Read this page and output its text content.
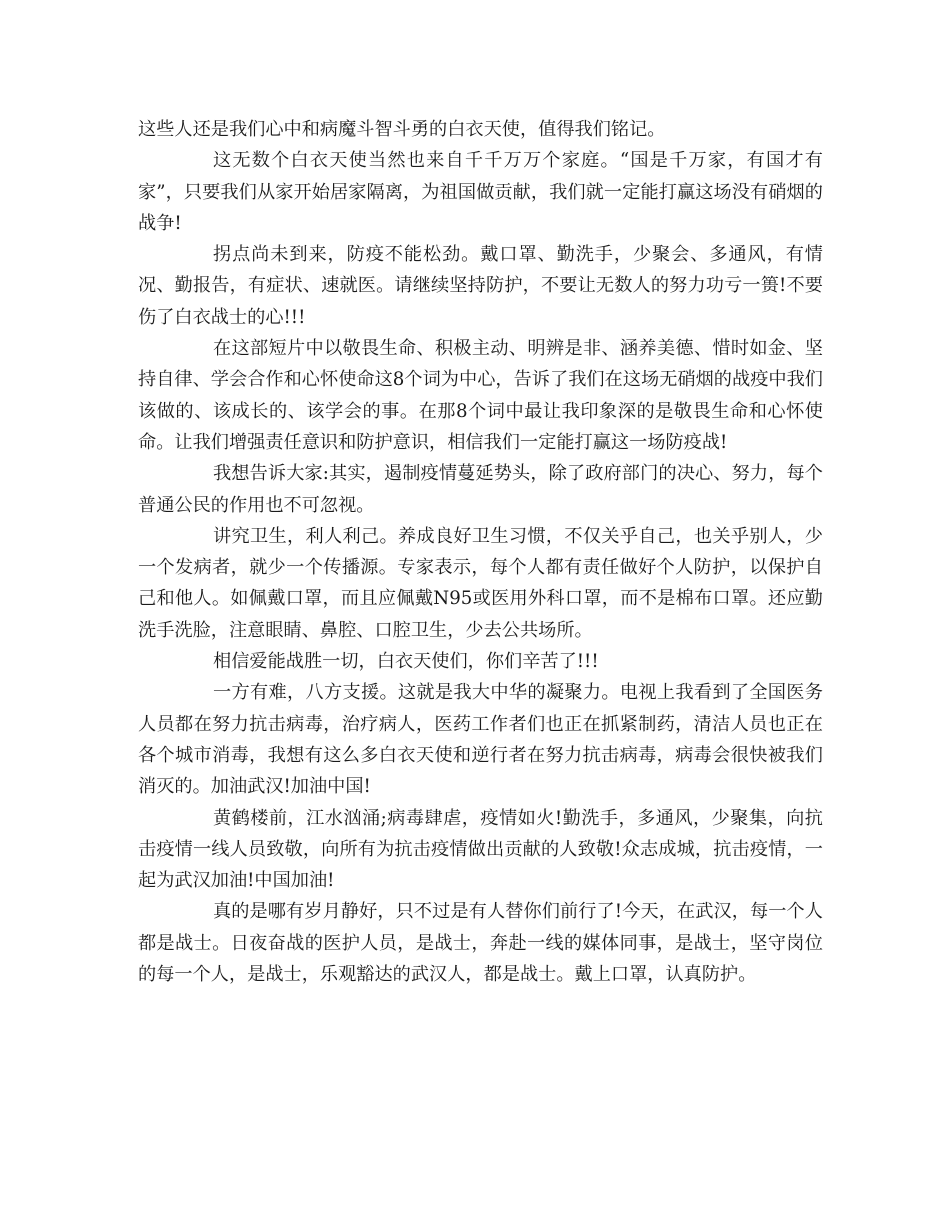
这些人还是我们心中和病魔斗智斗勇的白衣天使，值得我们铭记。

这无数个白衣天使当然也来自千千万万个家庭。“国是千万家，有国才有家”，只要我们从家开始居家隔离，为祖国做贡献，我们就一定能打赢这场没有硝烟的战争!

拐点尚未到来，防疫不能松劲。戴口罩、勤洗手，少聚会、多通风，有情况、勤报告，有症状、速就医。请继续坚持防护，不要让无数人的努力功亏一篑!不要伤了白衣战士的心!!!

在这部短片中以敬畏生命、积极主动、明辨是非、涵养美德、惜时如金、坚持自律、学会合作和心怀使命这8个词为中心，告诉了我们在这场无硝烟的战疫中我们该做的、该成长的、该学会的事。在那8个词中最让我印象深的是敬畏生命和心怀使命。让我们增强责任意识和防护意识，相信我们一定能打赢这一场防疫战!

我想告诉大家:其实，遏制疫情蔓延势头，除了政府部门的决心、努力，每个普通公民的作用也不可忽视。

讲究卫生，利人利己。养成良好卫生习惯，不仅关乎自己，也关乎别人，少一个发病者，就少一个传播源。专家表示，每个人都有责任做好个人防护，以保护自己和他人。如佩戴口罩，而且应佩戴N95或医用外科口罩，而不是棉布口罩。还应勤洗手洗脸，注意眼睛、鼻腔、口腔卫生，少去公共场所。

相信爱能战胜一切，白衣天使们，你们辛苦了!!!

一方有难，八方支援。这就是我大中华的凝聚力。电视上我看到了全国医务人员都在努力抗击病毒，治疗病人，医药工作者们也正在抓紧制药，清洁人员也正在各个城市消毒，我想有这么多白衣天使和逆行者在努力抗击病毒，病毒会很快被我们消灭的。加油武汉!加油中国!

黄鹤楼前，江水汹涌;病毒肆虐，疫情如火!勤洗手，多通风，少聚集，向抗击疫情一线人员致敬，向所有为抗击疫情做出贡献的人致敬!众志成城，抗击疫情，一起为武汉加油!中国加油!

真的是哪有岁月静好，只不过是有人替你们前行了!今天，在武汉，每一个人都是战士。日夜奋战的医护人员，是战士，奔赴一线的媒体同事，是战士，坚守岗位的每一个人，是战士，乐观豁达的武汉人，都是战士。戴上口罩，认真防护。
